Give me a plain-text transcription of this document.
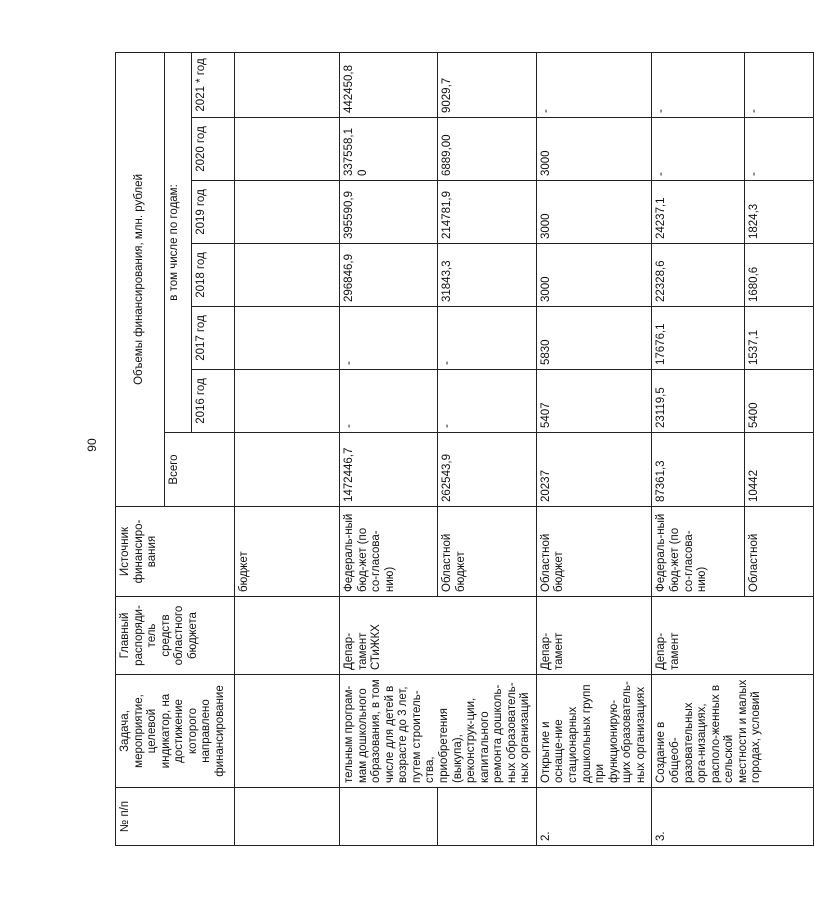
90
№ п/п	Задача, мероприятие, целевой индикатор, на достижение которого направлено финансирование	Главный распоряди-тель средств областного бюджета	Источник финансиро-вания	Объемы финансирования, млн. рублей						
				Всего	в том числе по годам:					
					2016 год	2017 год	2018 год	2019 год	2020 год	2021 * год
			бюджет							
	тельным програм-мам дошкольного образования, в том числе для детей в возрасте до 3 лет, путем строитель-ства, приобретения (выкупа), реконструк-ции, капитального ремонта дошколь-ных образователь-ных организаций	Депар-тамент СТиЖКХ	Федераль-ный бюд-жет (по со-гласова-нию)	1472446,7	-	-	296846,9	395590,9	337558,10	442450,8
			Областной бюджет	262543,9	-	-	31843,3	214781,9	6889,00	9029,7
2.	Открытие и оснаще-ние стационарных дошкольных групп при функционирую-щих образователь-ных организациях	Депар-тамент	Областной бюджет	20237	5407	5830	3000	3000	3000	-
3.	Создание в общеоб-разовательных орга-низациях, располо-женных в сельской местности и малых городах, условий	Депар-тамент	Федераль-ный бюд-жет (по со-гласова-нию)	87361,3	23119,5	17676,1	22328,6	24237,1	-	-
			Областной	10442	5400	1537,1	1680,6	1824,3	-	-
